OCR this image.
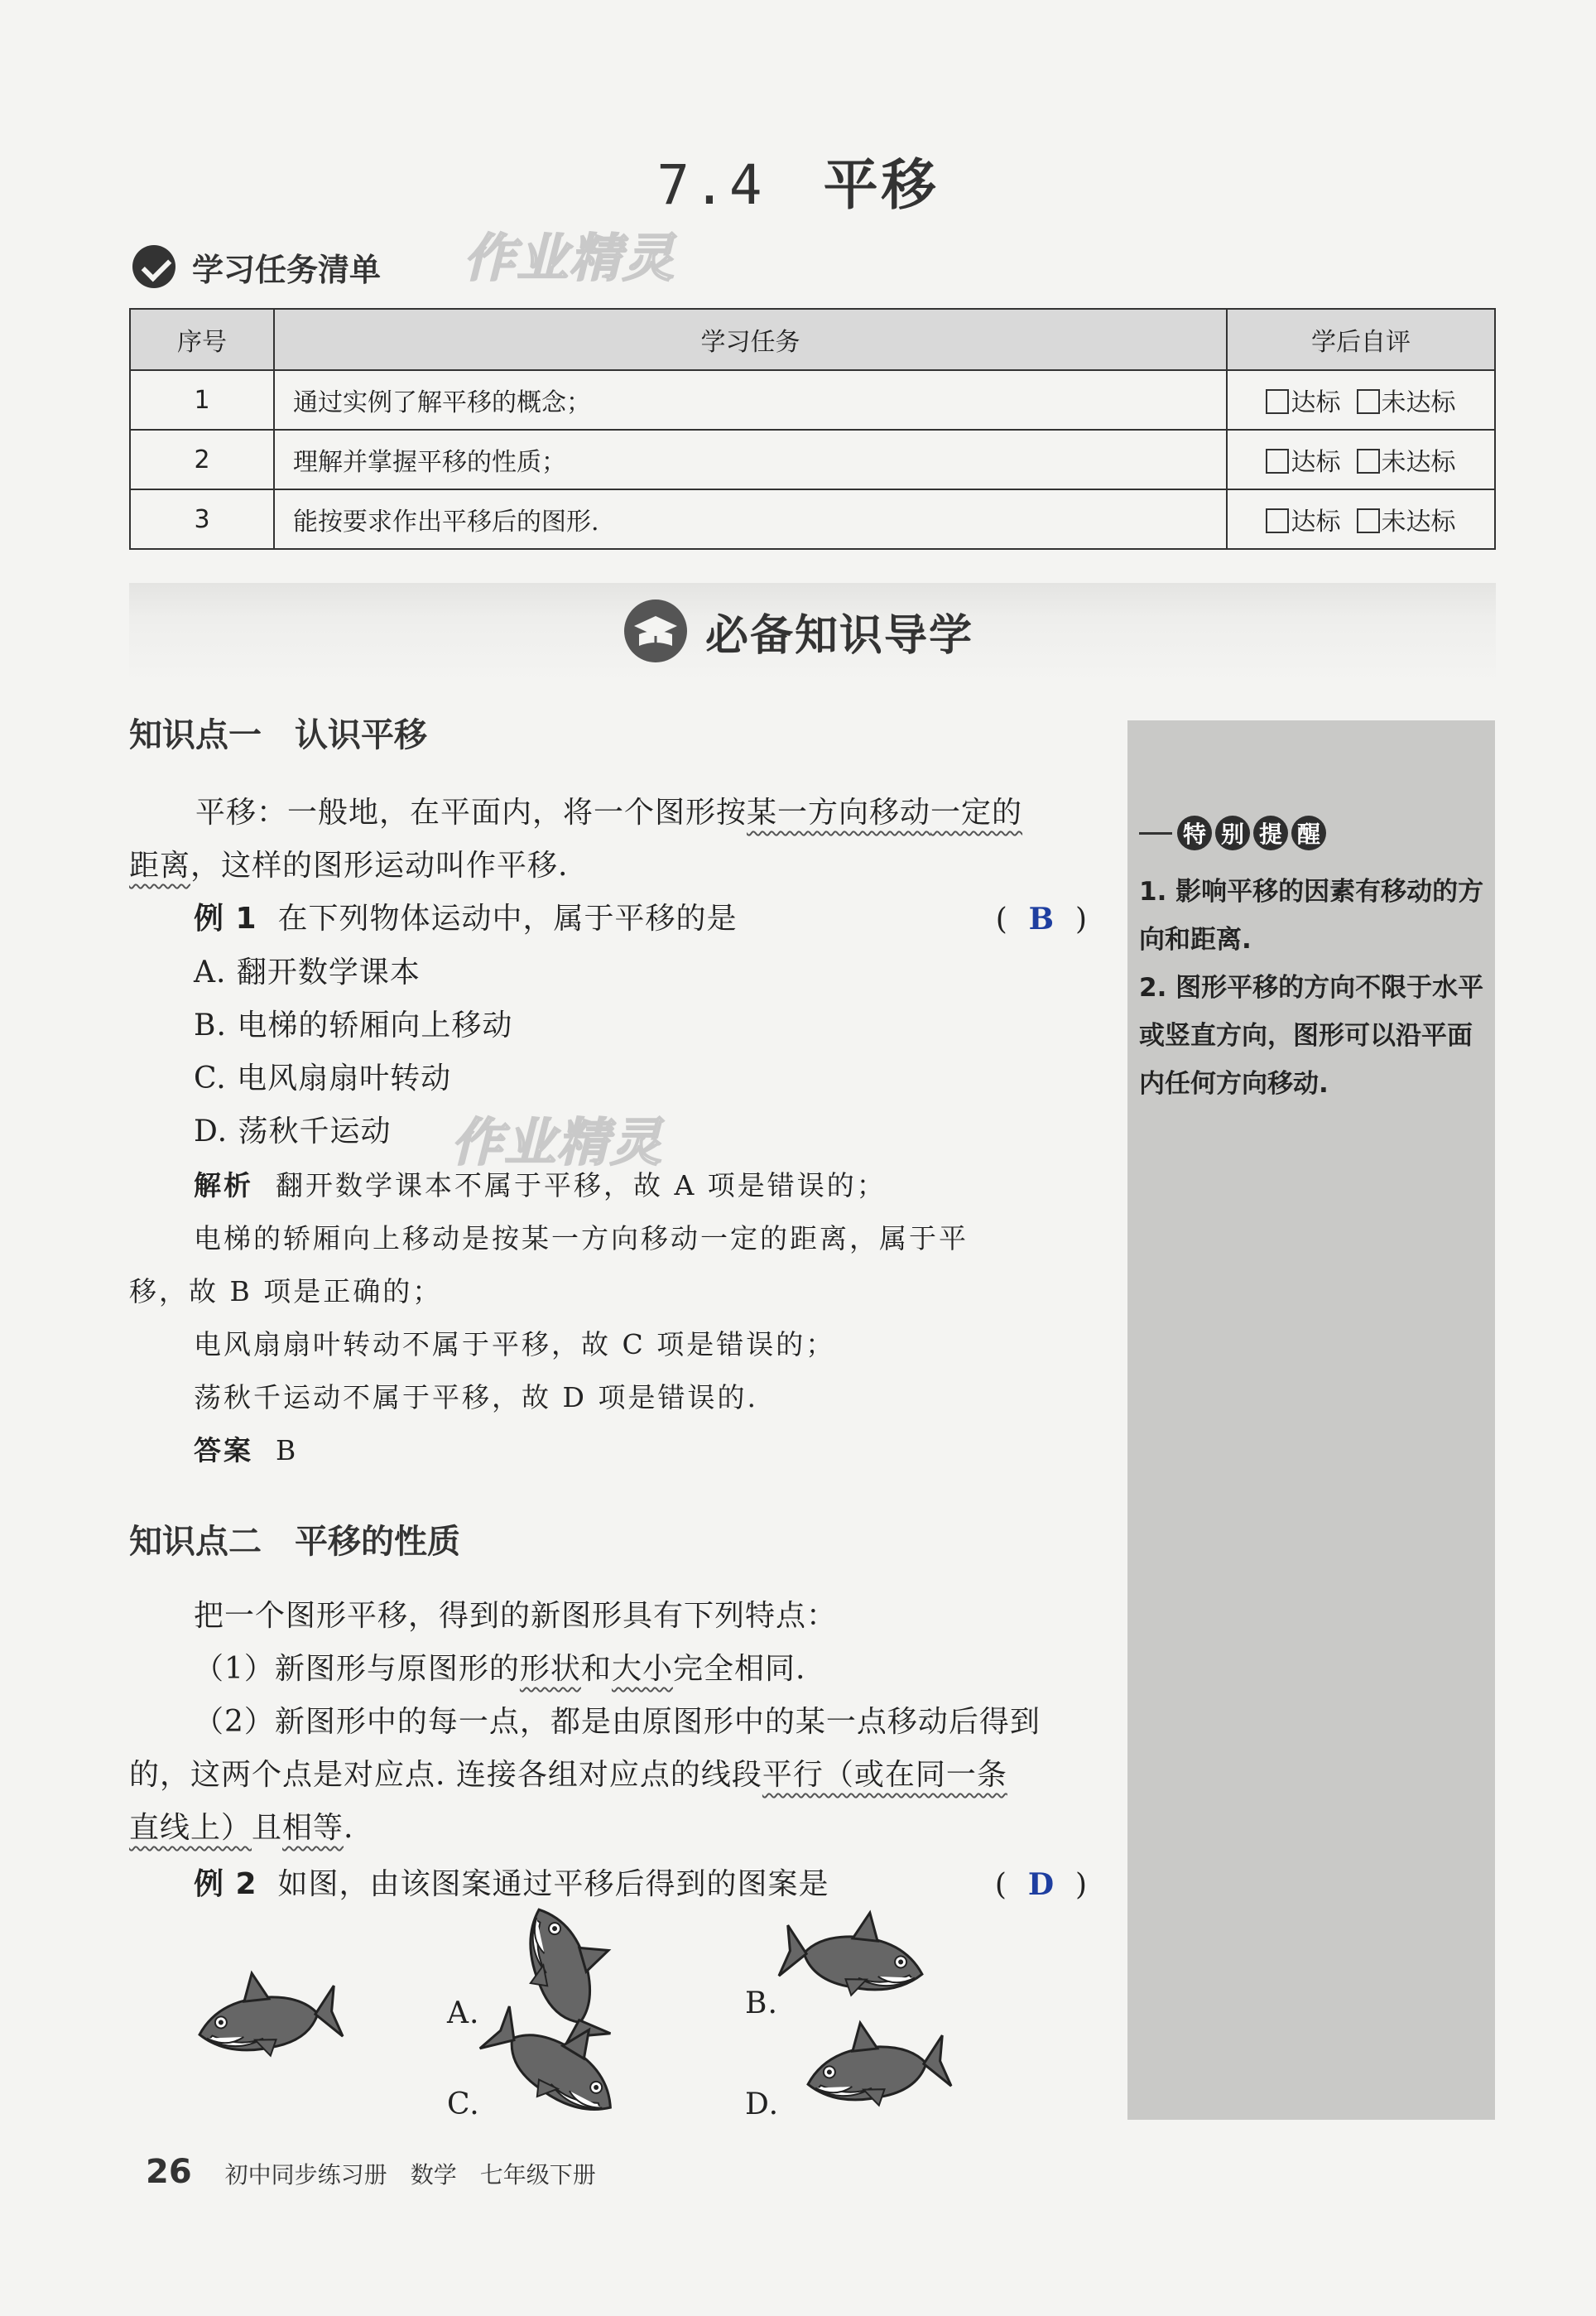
7.4 平移
学习任务清单 作业精灵
序号	学习任务	学后自评
1	通过实例了解平移的概念；	达标 未达标
2	理解并掌握平移的性质；	达标 未达标
3	能按要求作出平移后的图形.	达标 未达标
必备知识导学
特 别 提 醒
1. 影响平移的因素有移动的方向和距离.
2. 图形平移的方向不限于水平或竖直方向，图形可以沿平面内任何方向移动.
知识点一　认识平移
平移：一般地，在平面内，将一个图形按某一方向移动一定的
距离，这样的图形运动叫作平移.
例 1 在下列物体运动中，属于平移的是	(  B  )
A. 翻开数学课本
B. 电梯的轿厢向上移动
C. 电风扇扇叶转动
D. 荡秋千运动	作业精灵
解析 翻开数学课本不属于平移，故 A 项是错误的；
电梯的轿厢向上移动是按某一方向移动一定的距离，属于平
移，故 B 项是正确的；
电风扇扇叶转动不属于平移，故 C 项是错误的；
荡秋千运动不属于平移，故 D 项是错误的.
答案 B
知识点二　平移的性质
把一个图形平移，得到的新图形具有下列特点：
（1）新图形与原图形的形状和大小完全相同.
（2）新图形中的每一点，都是由原图形中的某一点移动后得到
的，这两个点是对应点. 连接各组对应点的线段平行（或在同一条
直线上）且相等.
例 2 如图，由该图案通过平移后得到的图案是	(  D  )
A.	B.
C.	D.
26 初中同步练习册 数学 七年级下册
